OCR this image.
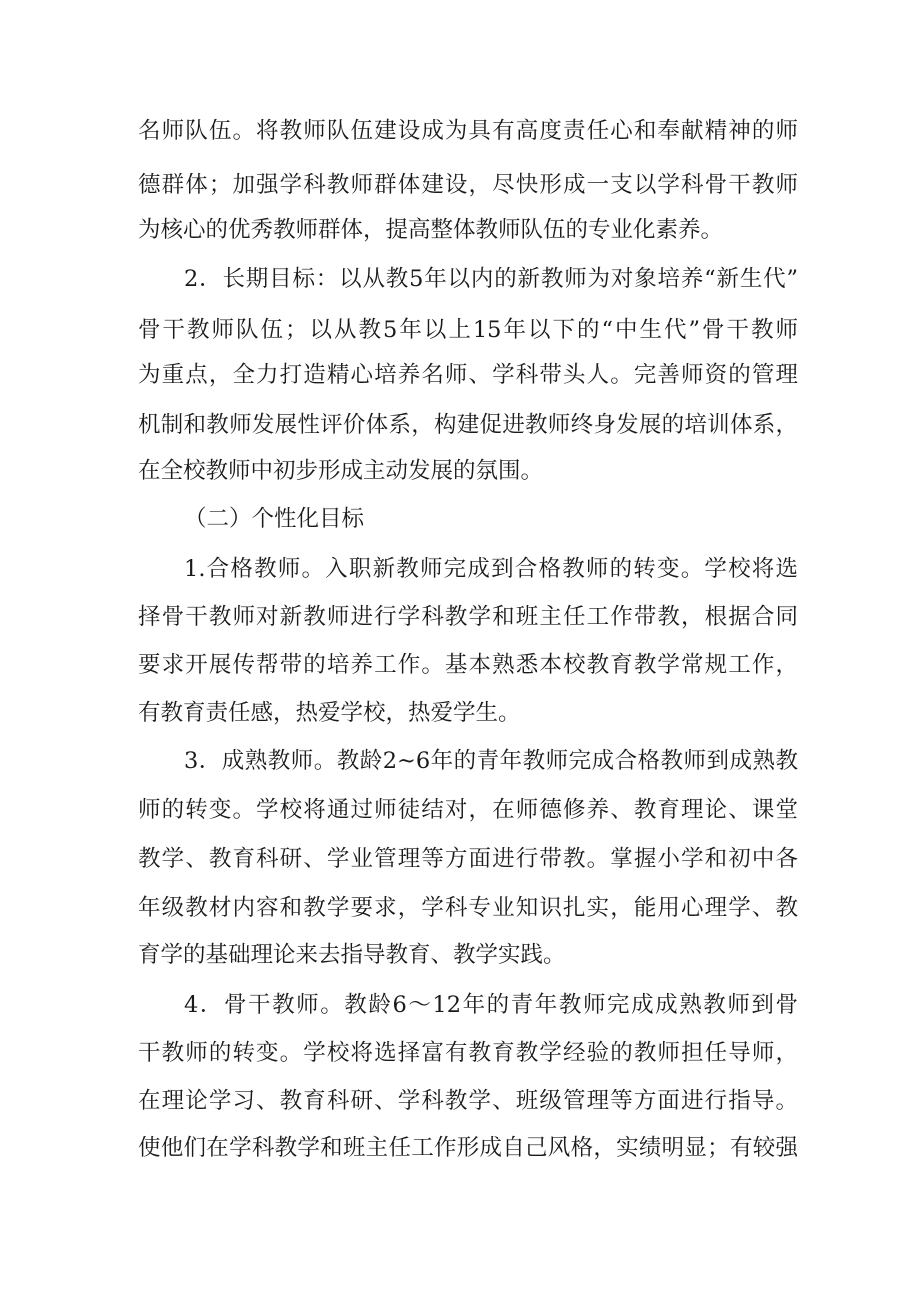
名师队伍。将教师队伍建设成为具有高度责任心和奉献精神的师
德群体；加强学科教师群体建设，尽快形成一支以学科骨干教师
为核心的优秀教师群体，提高整体教师队伍的专业化素养。
2．长期目标：以从教5年以内的新教师为对象培养“新生代”
骨干教师队伍；以从教5年以上15年以下的“中生代”骨干教师
为重点，全力打造精心培养名师、学科带头人。完善师资的管理
机制和教师发展性评价体系，构建促进教师终身发展的培训体系，
在全校教师中初步形成主动发展的氛围。
（二）个性化目标
1.合格教师。入职新教师完成到合格教师的转变。学校将选
择骨干教师对新教师进行学科教学和班主任工作带教，根据合同
要求开展传帮带的培养工作。基本熟悉本校教育教学常规工作，
有教育责任感，热爱学校，热爱学生。
3．成熟教师。教龄2~6年的青年教师完成合格教师到成熟教
师的转变。学校将通过师徒结对，在师德修养、教育理论、课堂
教学、教育科研、学业管理等方面进行带教。掌握小学和初中各
年级教材内容和教学要求，学科专业知识扎实，能用心理学、教
育学的基础理论来去指导教育、教学实践。
4．骨干教师。教龄6～12年的青年教师完成成熟教师到骨
干教师的转变。学校将选择富有教育教学经验的教师担任导师，
在理论学习、教育科研、学科教学、班级管理等方面进行指导。
使他们在学科教学和班主任工作形成自己风格，实绩明显；有较强
